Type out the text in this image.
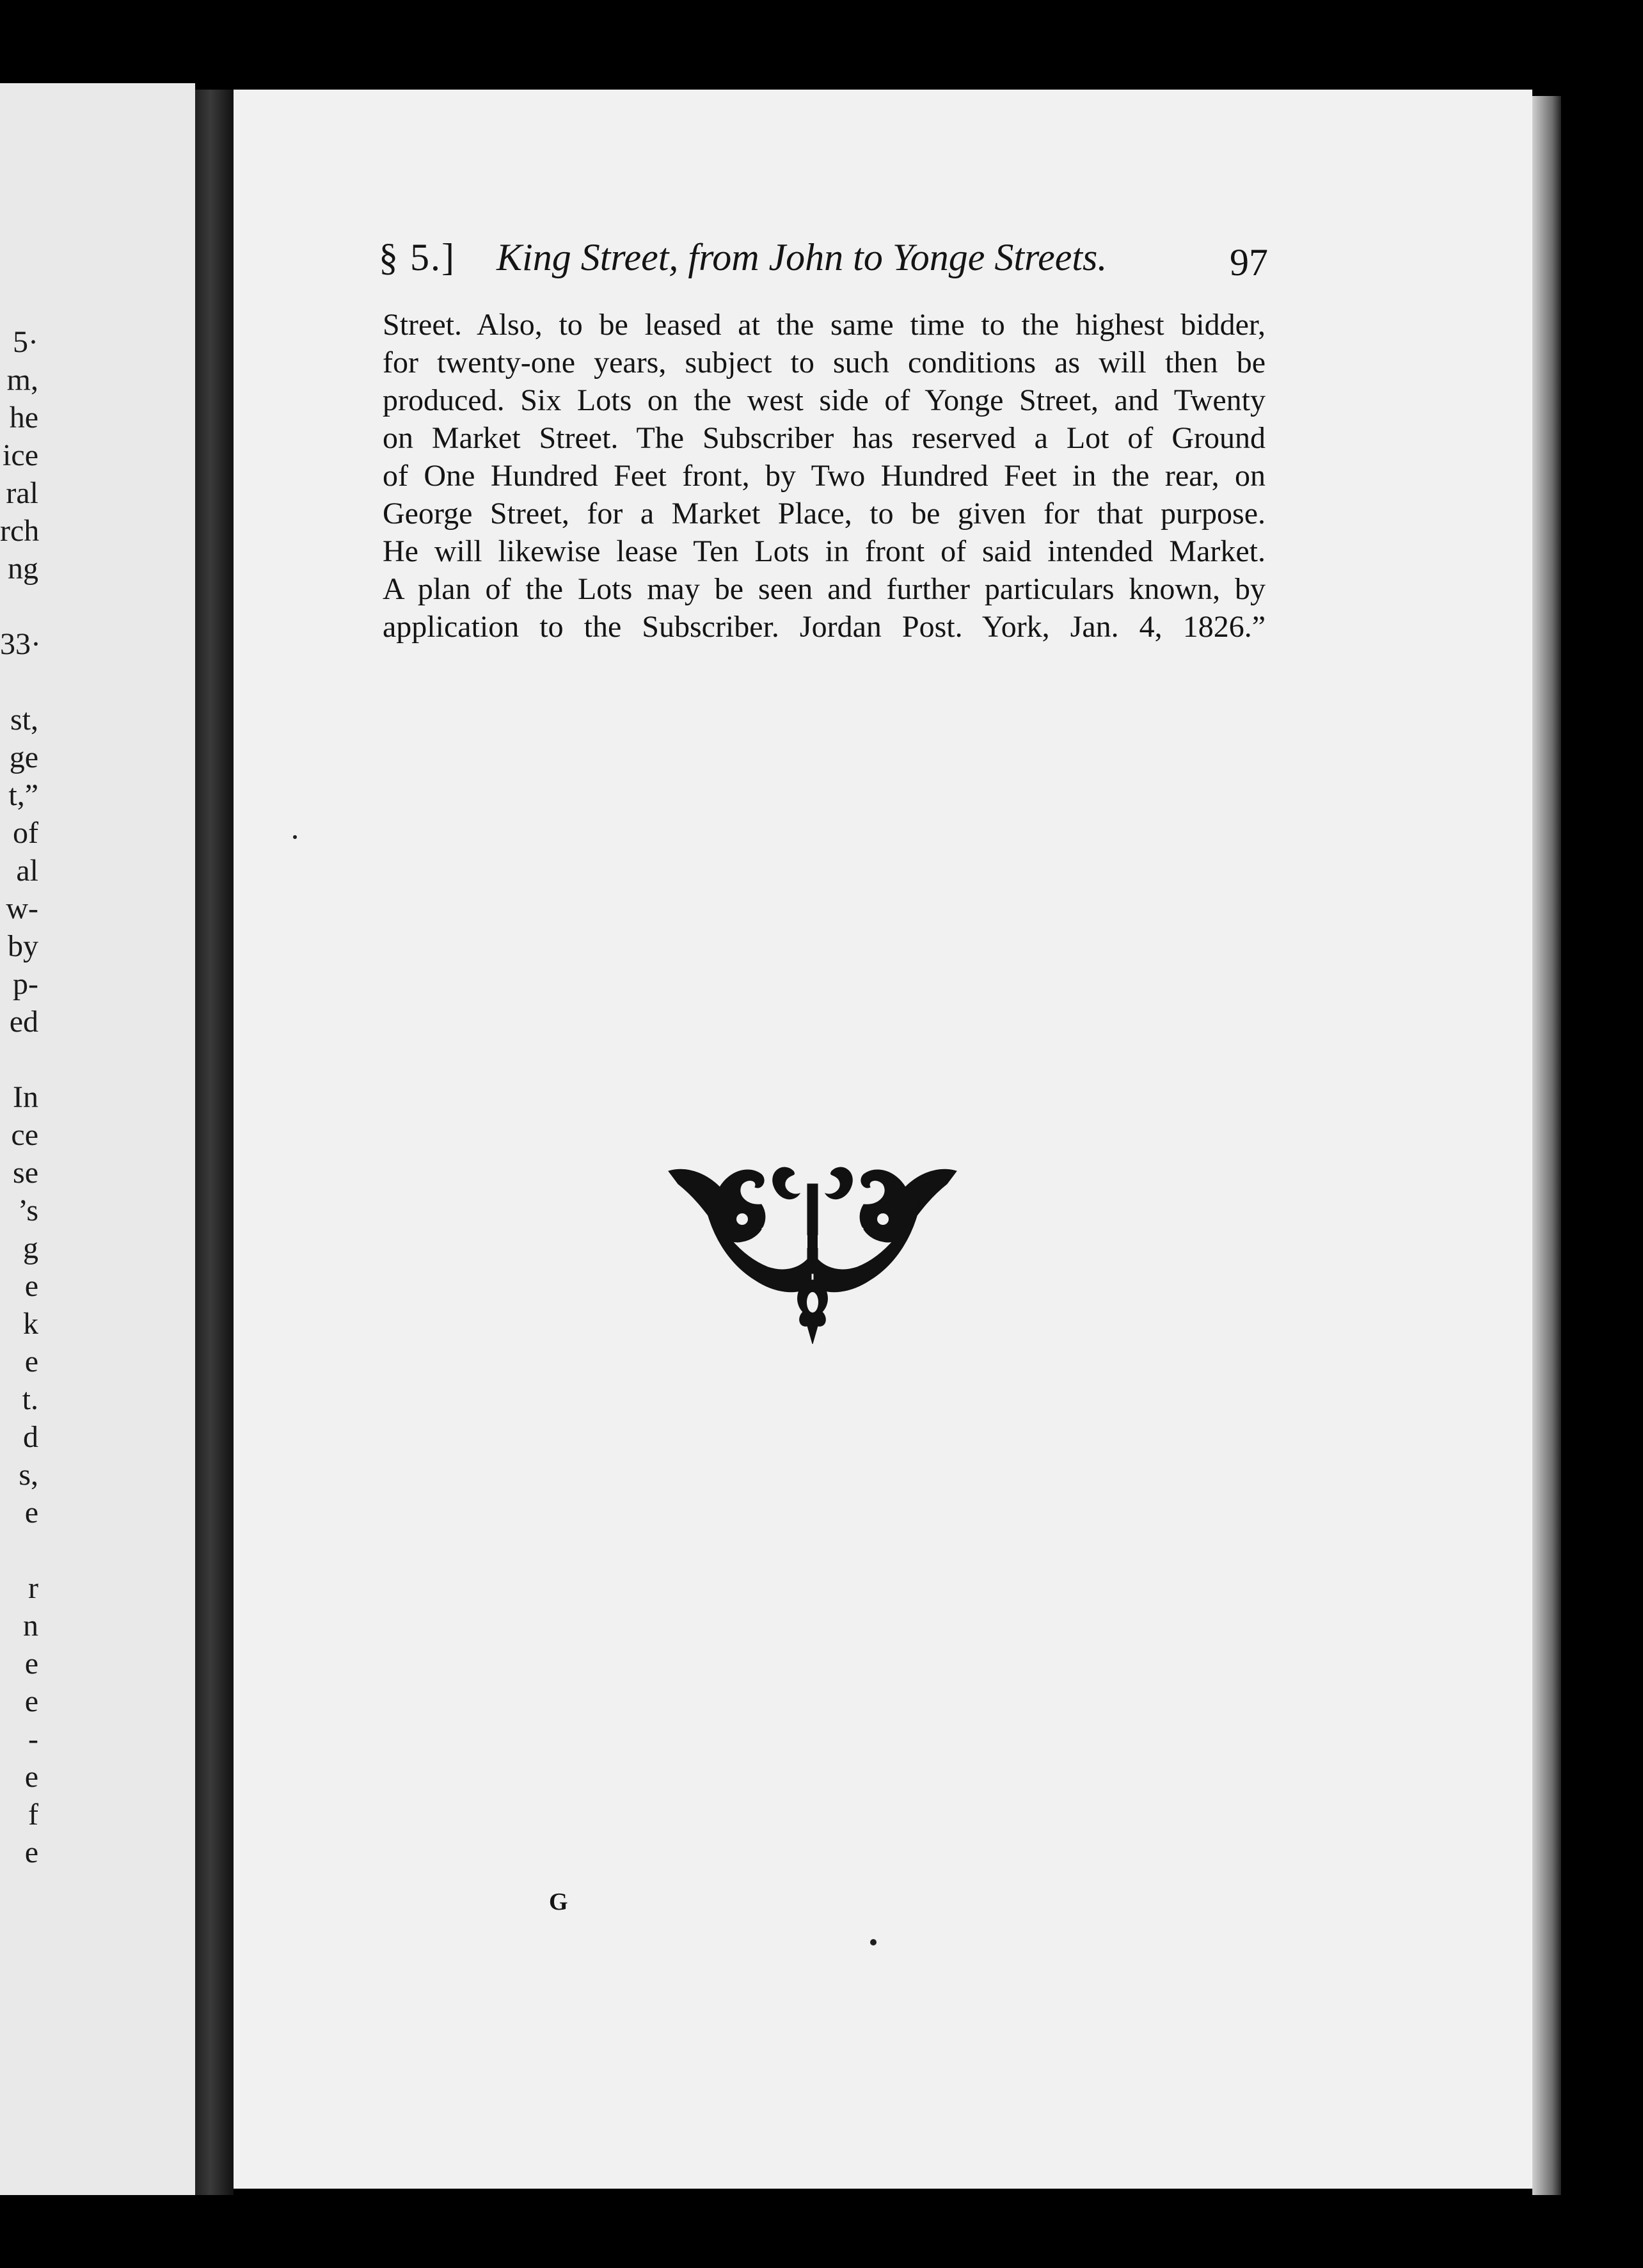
5·
m,
he
ice
ral
rch
ng
33·
st,
ge
t,”
of
al
w-
by
p-
ed
In
ce
se
’s
g
e
k
e
t.
d
s,
e
r
n
e
e
-
e
f
e
§ 5.] King Street, from John to Yonge Streets.	97
Street. Also, to be leased at the same time to the highest bidder,
for twenty-one years, subject to such conditions as will then be
produced. Six Lots on the west side of Yonge Street, and Twenty
on Market Street. The Subscriber has reserved a Lot of Ground
of One Hundred Feet front, by Two Hundred Feet in the rear, on
George Street, for a Market Place, to be given for that purpose.
He will likewise lease Ten Lots in front of said intended Market.
A plan of the Lots may be seen and further particulars known, by
application to the Subscriber. Jordan Post. York, Jan. 4, 1826.”
G
